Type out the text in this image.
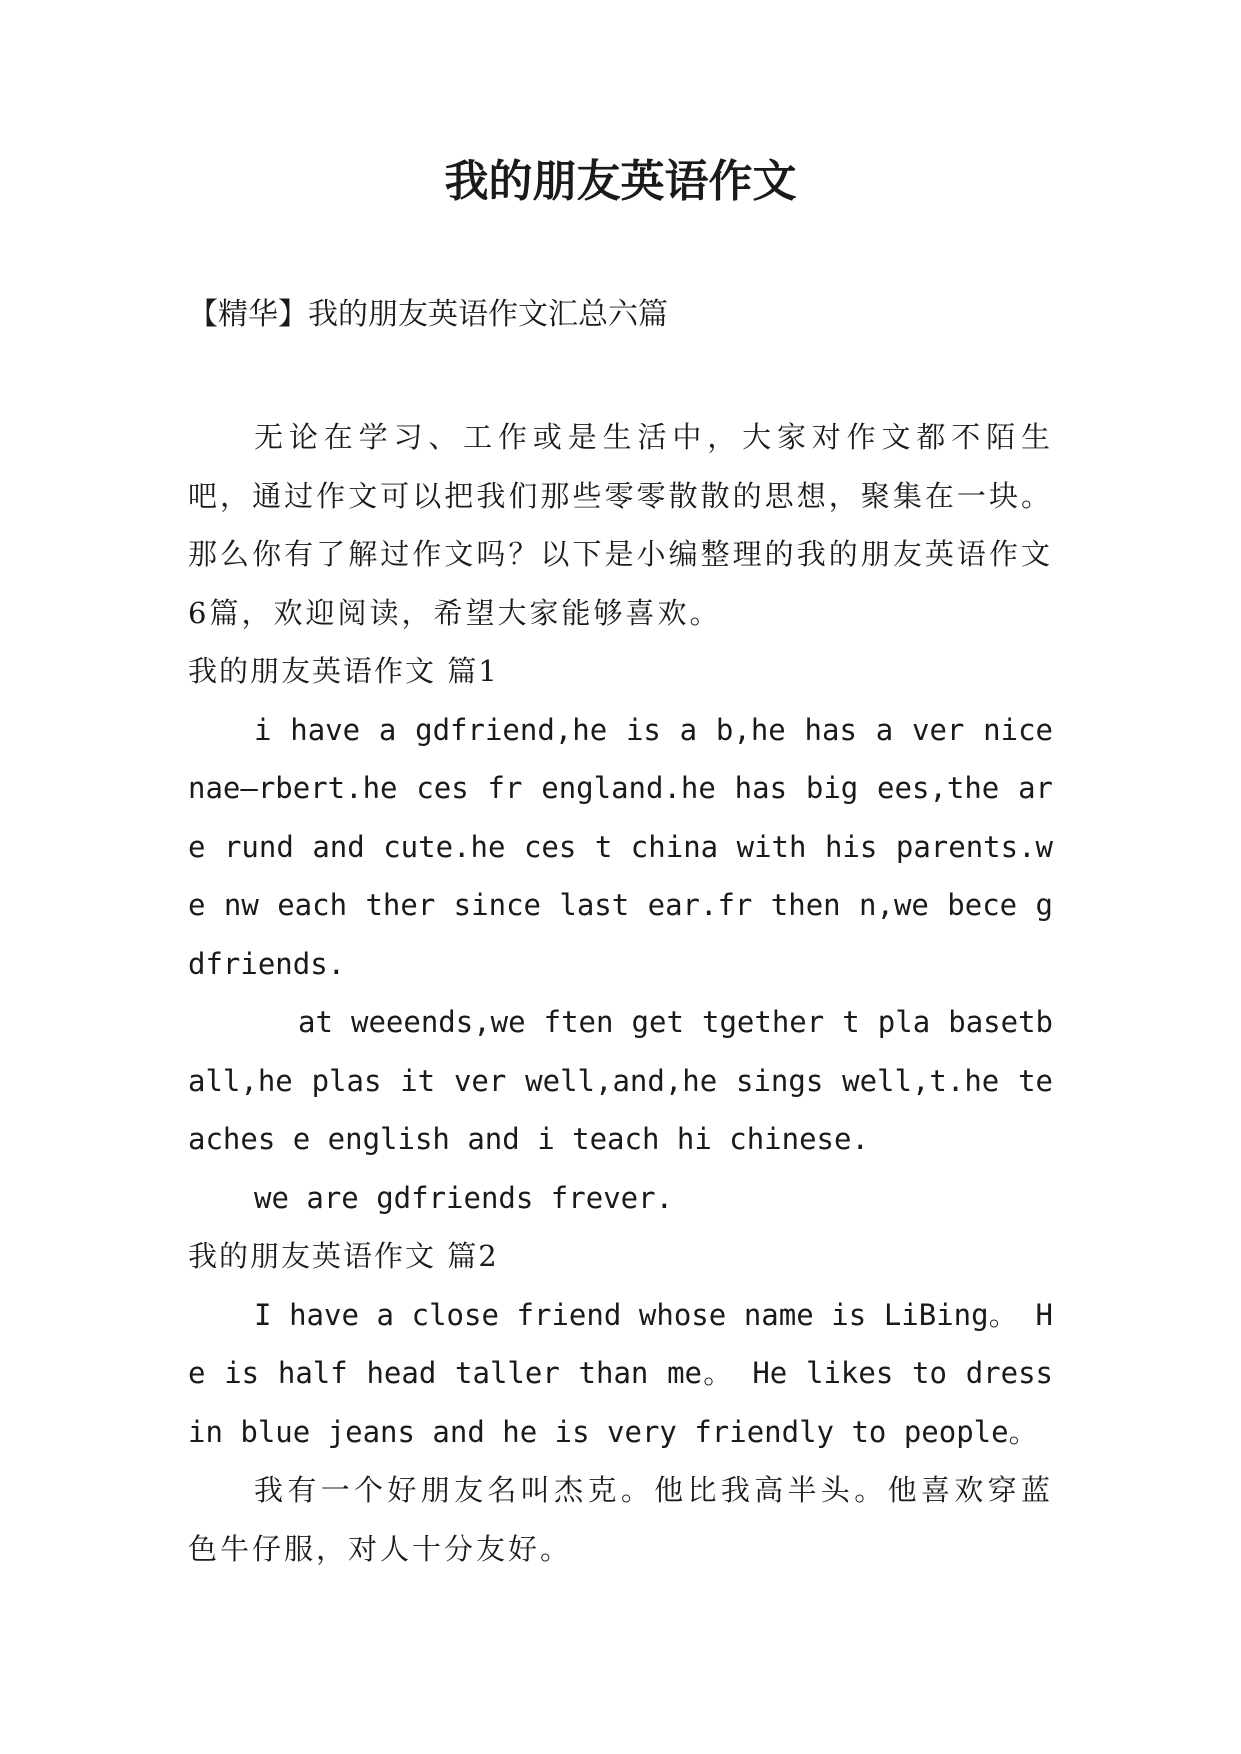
我的朋友英语作文

【精华】我的朋友英语作文汇总六篇

无论在学习、工作或是生活中，大家对作文都不陌生吧，通过作文可以把我们那些零零散散的思想，聚集在一块。那么你有了解过作文吗？以下是小编整理的我的朋友英语作文6篇，欢迎阅读，希望大家能够喜欢。

我的朋友英语作文 篇1

i have a gdfriend,he is a b,he has a ver nice nae—rbert.he ces fr england.he has big ees,the are rund and cute.he ces t china with his parents.we nw each ther since last ear.fr then n,we bece gdfriends.

at weeends,we ften get tgether t pla basetball,he plas it ver well,and,he sings well,t.he teaches e english and i teach hi chinese.

we are gdfriends frever.

我的朋友英语作文 篇2

I have a close friend whose name is LiBing。 He is half head taller than me。 He likes to dress in blue jeans and he is very friendly to people。

我有一个好朋友名叫杰克。他比我高半头。他喜欢穿蓝色牛仔服，对人十分友好。
